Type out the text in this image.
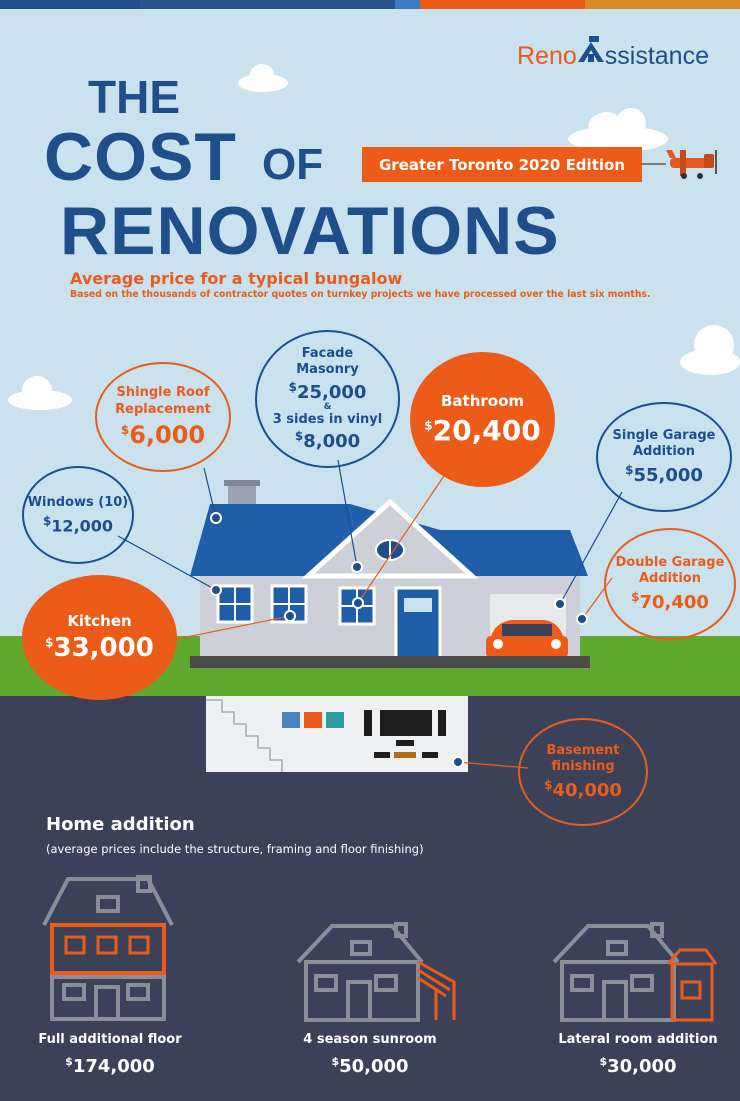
Reno ssistance
THE
COST OF
RENOVATIONS
Greater Toronto 2020 Edition
Average price for a typical bungalow
Based on the thousands of contractor quotes on turnkey projects we have processed over the last six months.
Shingle Roof
Replacement
$6,000
Facade
Masonry
$25,000
&
3 sides in vinyl
$8,000
Bathroom
$20,400	Single Garage
Addition
$55,000
Windows (10)
$12,000
Kitchen
$33,000
Double Garage
Addition
$70,400
Basement
finishing
$40,000
Home addition
(average prices include the structure, framing and floor finishing)
Full additional floor
$174,000
4 season sunroom
$50,000
Lateral room addition
$30,000
